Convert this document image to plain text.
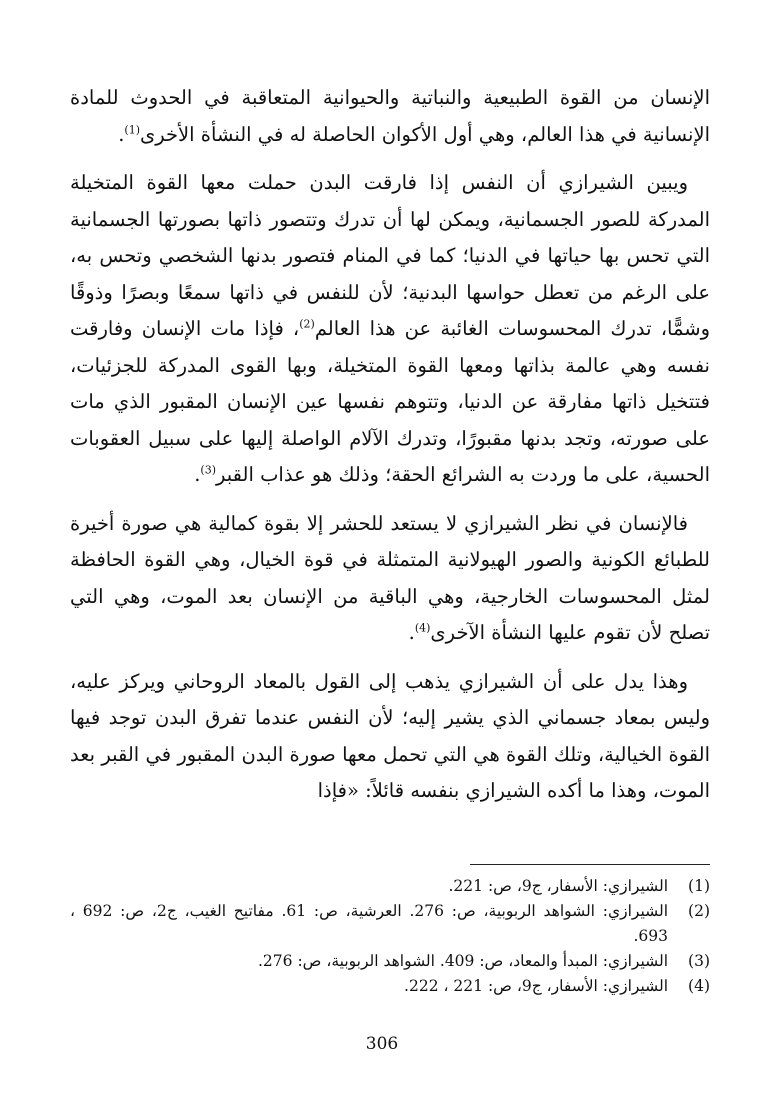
الإنسان من القوة الطبيعية والنباتية والحيوانية المتعاقبة في الحدوث للمادة الإنسانية في هذا العالم، وهي أول الأكوان الحاصلة له في النشأة الأخرى$^{(1)}$.

ويبين الشيرازي أن النفس إذا فارقت البدن حملت معها القوة المتخيلة المدركة للصور الجسمانية، ويمكن لها أن تدرك وتتصور ذاتها بصورتها الجسمانية التي تحس بها حياتها في الدنيا؛ كما في المنام فتصور بدنها الشخصي وتحس به، على الرغم من تعطل حواسها البدنية؛ لأن للنفس في ذاتها سمعًا وبصرًا وذوقًا وشمًّا، تدرك المحسوسات الغائبة عن هذا العالم$^{(2)}$، فإذا مات الإنسان وفارقت نفسه وهي عالمة بذاتها ومعها القوة المتخيلة، وبها القوى المدركة للجزئيات، فتتخيل ذاتها مفارقة عن الدنيا، وتتوهم نفسها عين الإنسان المقبور الذي مات على صورته، وتجد بدنها مقبورًا، وتدرك الآلام الواصلة إليها على سبيل العقوبات الحسية، على ما وردت به الشرائع الحقة؛ وذلك هو عذاب القبر$^{(3)}$.

فالإنسان في نظر الشيرازي لا يستعد للحشر إلا بقوة كمالية هي صورة أخيرة للطبائع الكونية والصور الهيولانية المتمثلة في قوة الخيال، وهي القوة الحافظة لمثل المحسوسات الخارجية، وهي الباقية من الإنسان بعد الموت، وهي التي تصلح لأن تقوم عليها النشأة الآخرى$^{(4)}$.

وهذا يدل على أن الشيرازي يذهب إلى القول بالمعاد الروحاني ويركز عليه، وليس بمعاد جسماني الذي يشير إليه؛ لأن النفس عندما تفرق البدن توجد فيها القوة الخيالية، وتلك القوة هي التي تحمل معها صورة البدن المقبور في القبر بعد الموت، وهذا ما أكده الشيرازي بنفسه قائلاً: «فإذا

(1)
الشيرازي: الأسفار، ج9، ص: 221.
(2)
الشيرازي: الشواهد الربوبية، ص: 276. العرشية، ص: 61. مفاتيح الغيب، ج2، ص: 692 ، 693.
(3)
الشيرازي: المبدأ والمعاد، ص: 409. الشواهد الربوبية، ص: 276.
(4)
الشيرازي: الأسفار، ج9، ص: 221 ، 222.
306
